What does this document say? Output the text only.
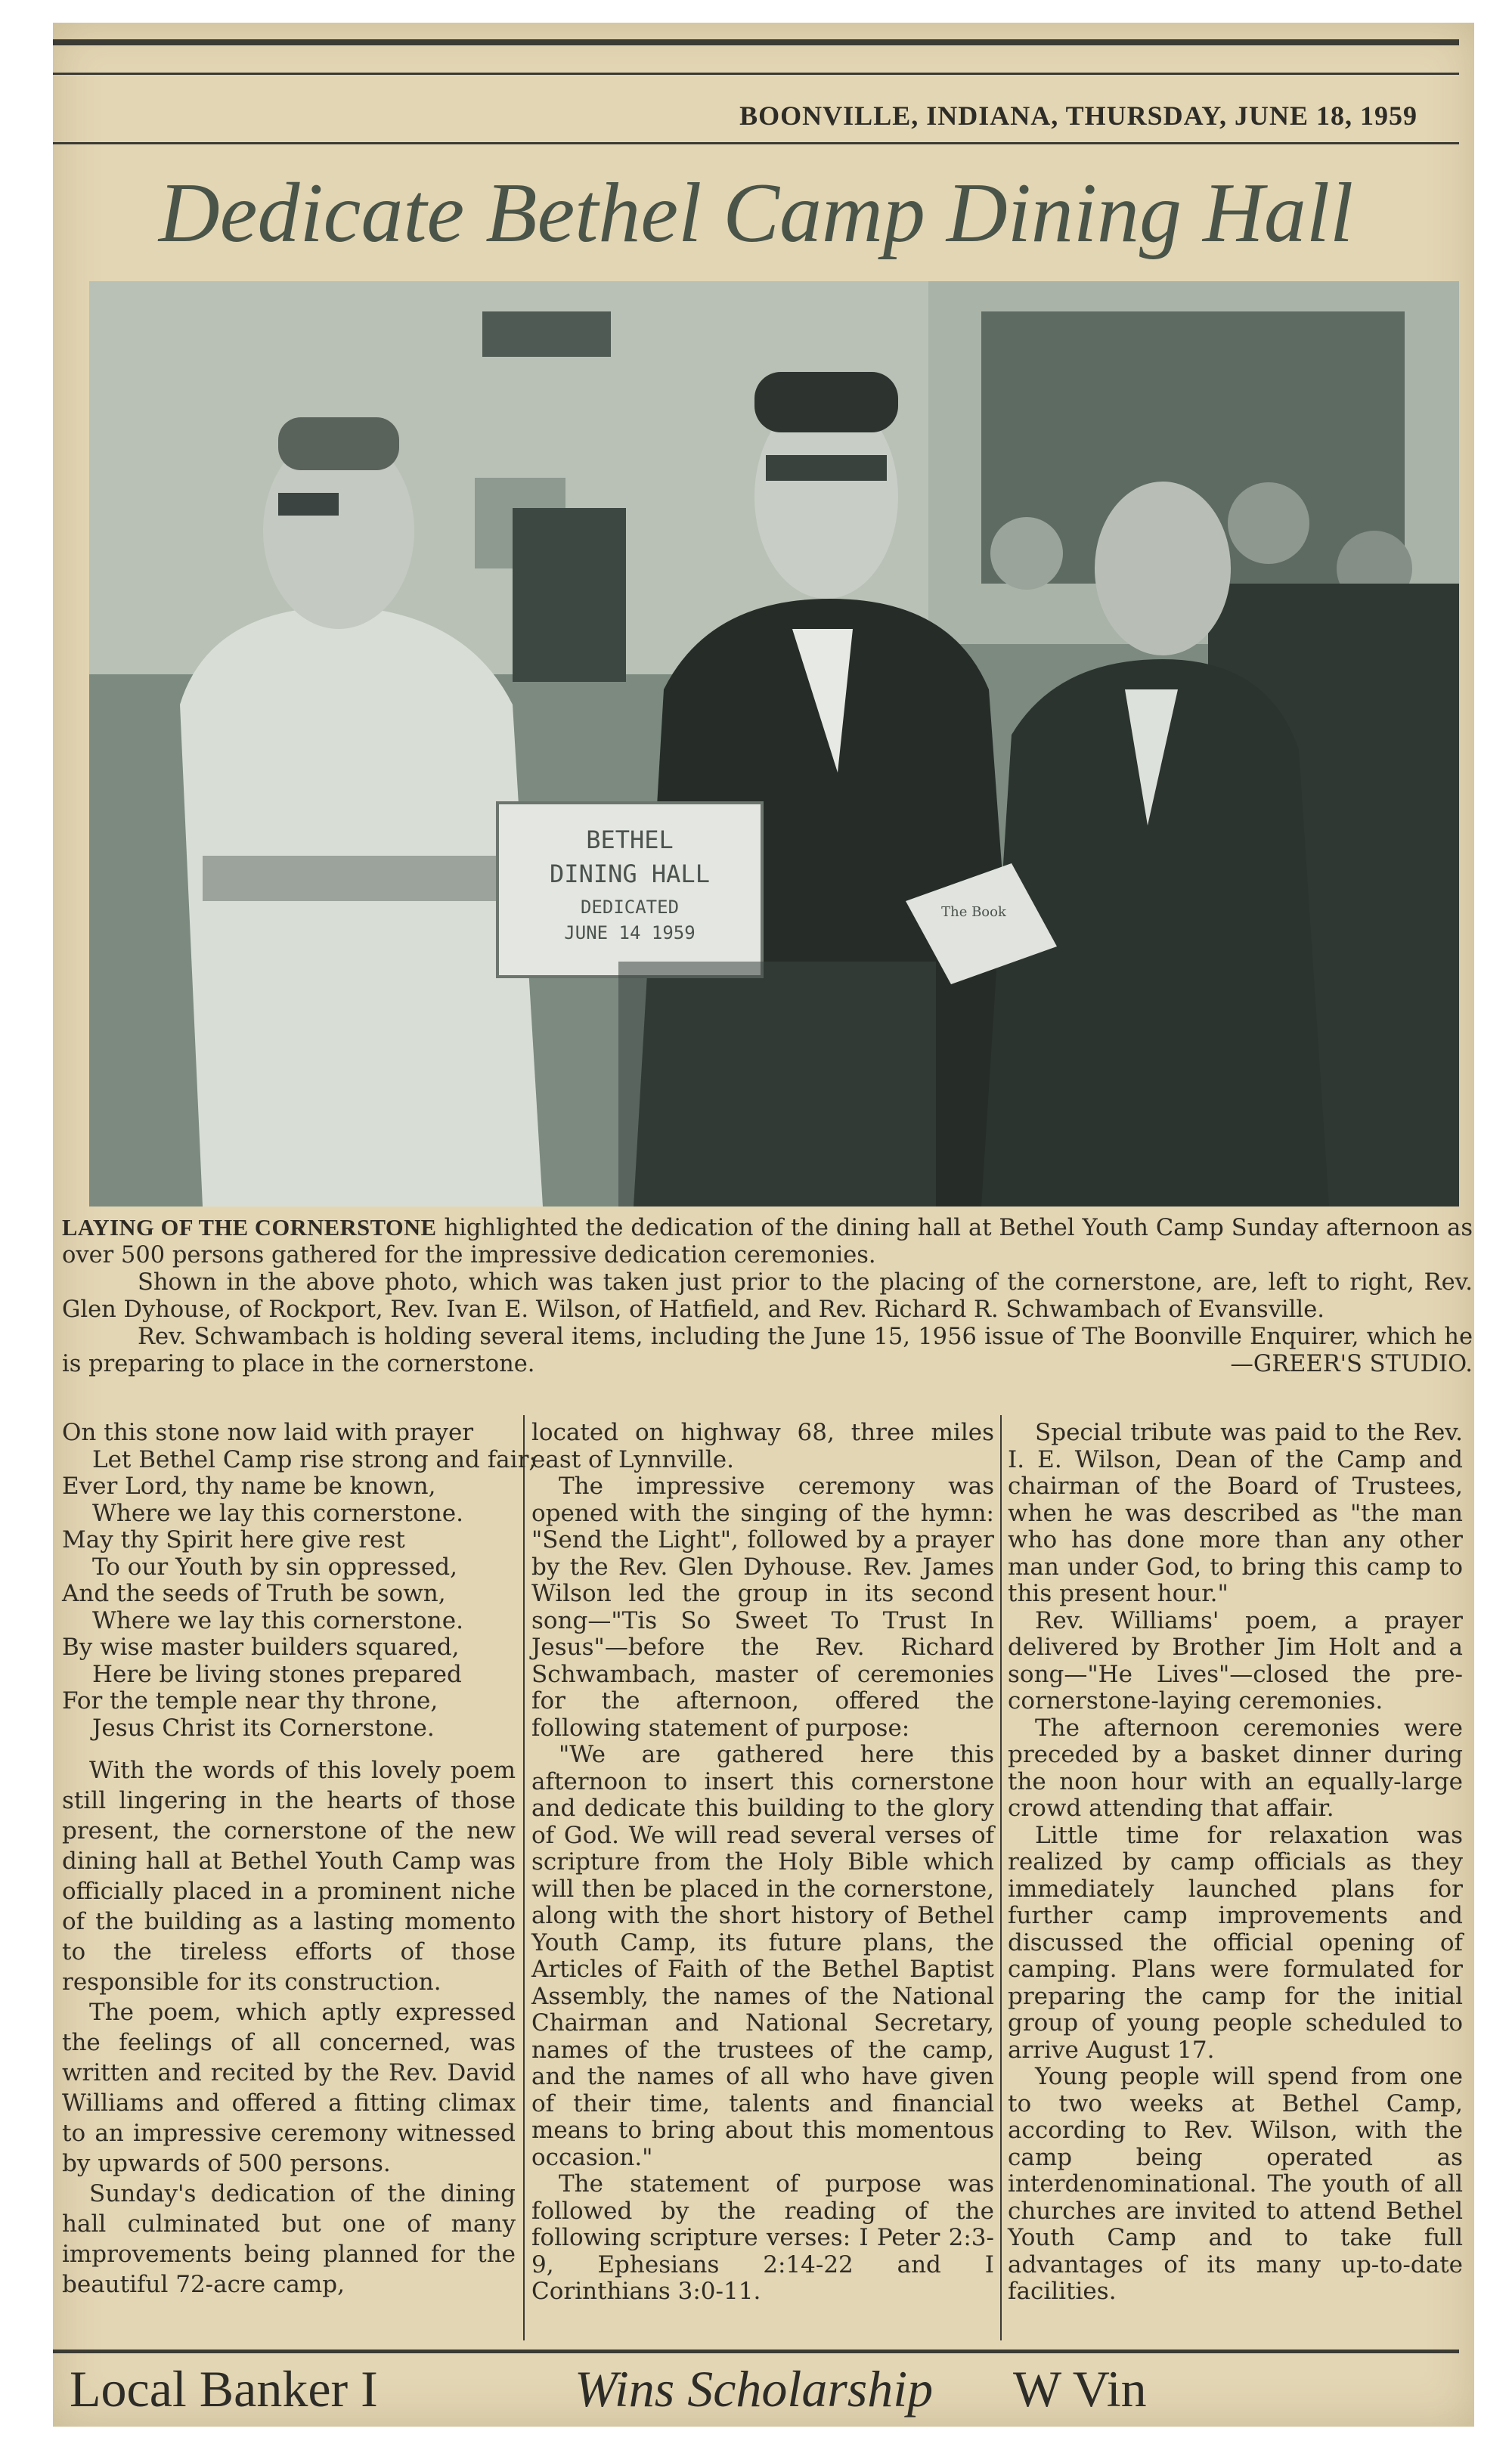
BOONVILLE, INDIANA, THURSDAY, JUNE 18, 1959
Dedicate Bethel Camp Dining Hall
BETHEL
DINING HALL
DEDICATED
JUNE 14 1959
The Book

LAYING OF THE CORNERSTONE highlighted the dedication of the dining hall at Bethel Youth Camp Sunday afternoon as over 500 persons gathered for the impressive dedication ceremonies.

Shown in the above photo, which was taken just prior to the placing of the cornerstone, are, left to right, Rev. Glen Dyhouse, of Rockport, Rev. Ivan E. Wilson, of Hatfield, and Rev. Richard R. Schwambach of Evansville.

Rev. Schwambach is holding several items, including the June 15, 1956 issue of The Boonville Enquirer, which he is preparing to place in the cornerstone.	—GREER'S STUDIO.

On this stone now laid with prayer
Let Bethel Camp rise strong and fair;
Ever Lord, thy name be known,
Where we lay this cornerstone.
May thy Spirit here give rest
To our Youth by sin oppressed,
And the seeds of Truth be sown,
Where we lay this cornerstone.
By wise master builders squared,
Here be living stones prepared
For the temple near thy throne,
Jesus Christ its Cornerstone.

With the words of this lovely poem still lingering in the hearts of those present, the cornerstone of the new dining hall at Bethel Youth Camp was officially placed in a prominent niche of the building as a lasting momento to the tireless efforts of those responsible for its construction.

The poem, which aptly expressed the feelings of all concerned, was written and recited by the Rev. David Williams and offered a fitting climax to an impressive ceremony witnessed by upwards of 500 persons.

Sunday's dedication of the dining hall culminated but one of many improvements being planned for the beautiful 72-acre camp,

located on highway 68, three miles east of Lynnville.

The impressive ceremony was opened with the singing of the hymn: "Send the Light", followed by a prayer by the Rev. Glen Dyhouse. Rev. James Wilson led the group in its second song—"Tis So Sweet To Trust In Jesus"—before the Rev. Richard Schwambach, master of ceremonies for the afternoon, offered the following statement of purpose:

"We are gathered here this afternoon to insert this cornerstone and dedicate this building to the glory of God. We will read several verses of scripture from the Holy Bible which will then be placed in the cornerstone, along with the short history of Bethel Youth Camp, its future plans, the Articles of Faith of the Bethel Baptist Assembly, the names of the National Chairman and National Secretary, names of the trustees of the camp, and the names of all who have given of their time, talents and financial means to bring about this momentous occasion."

The statement of purpose was followed by the reading of the following scripture verses: I Peter 2:3-9, Ephesians 2:14-22 and I Corinthians 3:0-11.

Special tribute was paid to the Rev. I. E. Wilson, Dean of the Camp and chairman of the Board of Trustees, when he was described as "the man who has done more than any other man under God, to bring this camp to this present hour."

Rev. Williams' poem, a prayer delivered by Brother Jim Holt and a song—"He Lives"—closed the pre-cornerstone-laying ceremonies.

The afternoon ceremonies were preceded by a basket dinner during the noon hour with an equally-large crowd attending that affair.

Little time for relaxation was realized by camp officials as they immediately launched plans for further camp improvements and discussed the official opening of camping. Plans were formulated for preparing the camp for the initial group of young people scheduled to arrive August 17.

Young people will spend from one to two weeks at Bethel Camp, according to Rev. Wilson, with the camp being operated as interdenominational. The youth of all churches are invited to attend Bethel Youth Camp and to take full advantages of its many up-to-date facilities.

Local Banker I	Wins Scholarship W Vin
